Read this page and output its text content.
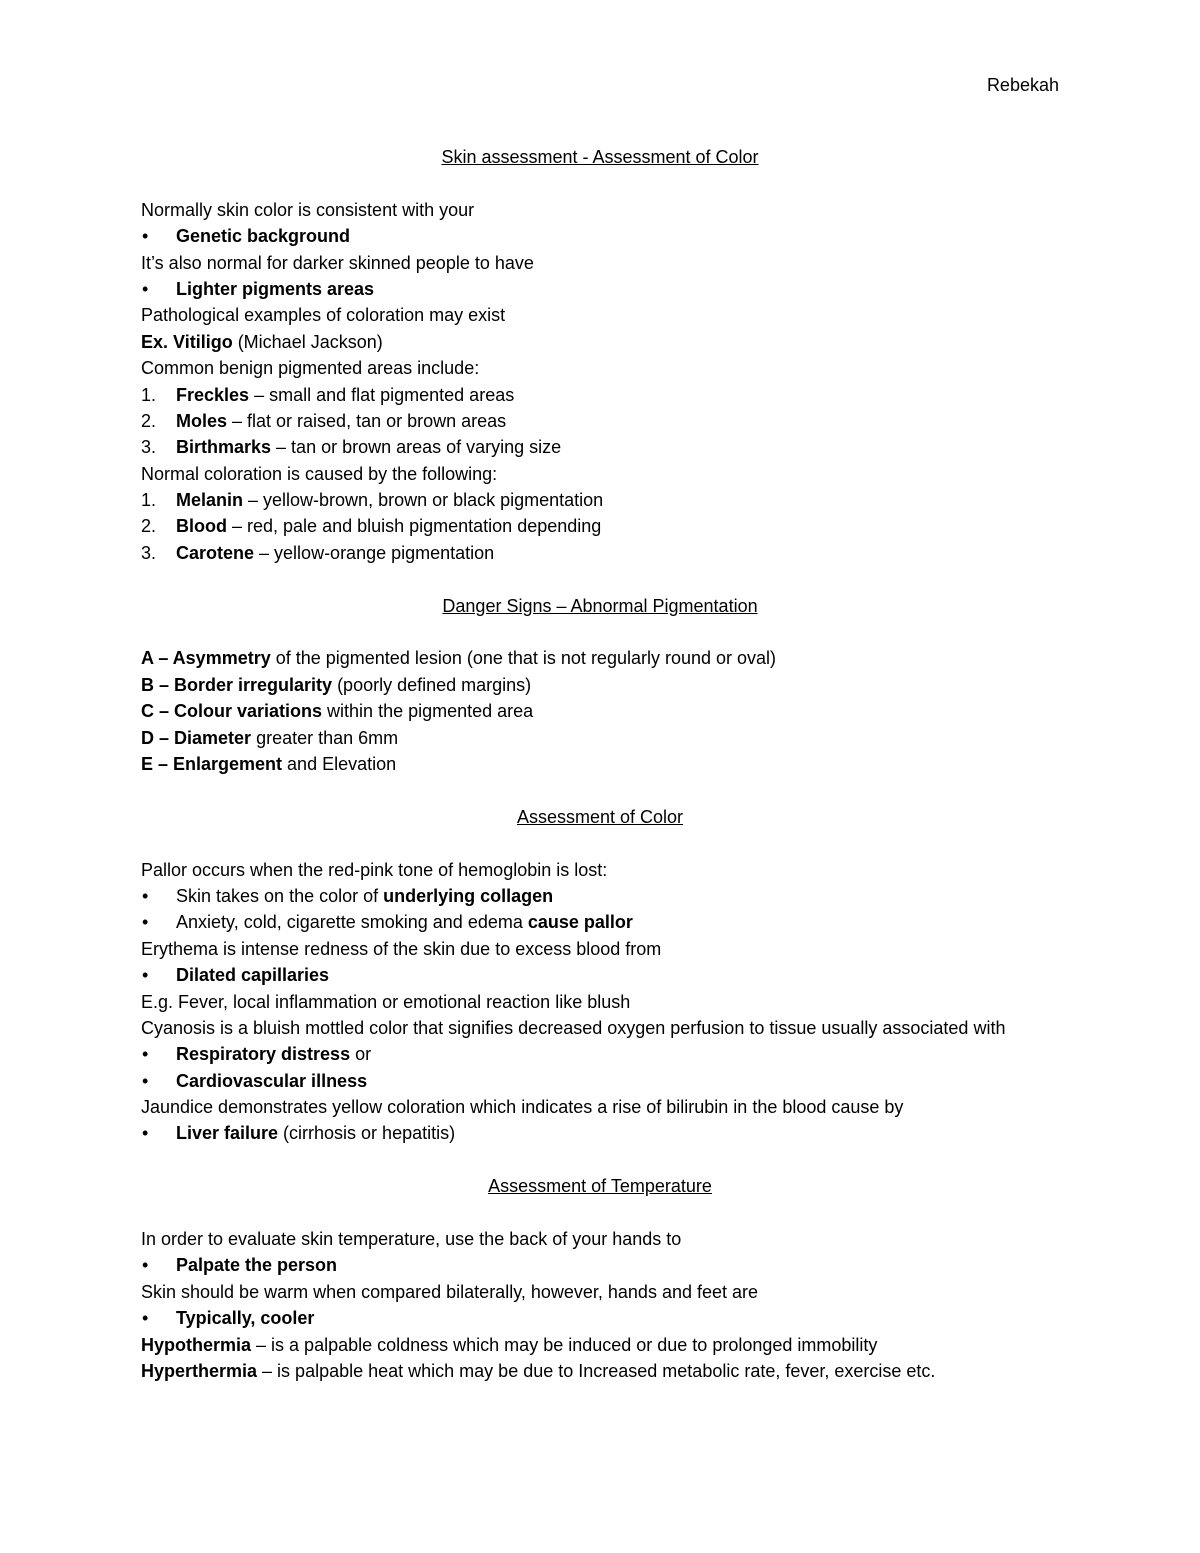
Rebekah

Skin assessment - Assessment of Color

Normally skin color is consistent with your

•	Genetic background

It’s also normal for darker skinned people to have

•	Lighter pigments areas

Pathological examples of coloration may exist

Ex. Vitiligo (Michael Jackson)

Common benign pigmented areas include:

1.	Freckles – small and flat pigmented areas

2.	Moles – flat or raised, tan or brown areas

3.	Birthmarks – tan or brown areas of varying size

Normal coloration is caused by the following:

1.	Melanin – yellow-brown, brown or black pigmentation

2.	Blood – red, pale and bluish pigmentation depending

3.	Carotene – yellow-orange pigmentation

Danger Signs – Abnormal Pigmentation

A – Asymmetry of the pigmented lesion (one that is not regularly round or oval)

B – Border irregularity (poorly defined margins)

C – Colour variations within the pigmented area

D – Diameter greater than 6mm

E – Enlargement and Elevation

Assessment of Color

Pallor occurs when the red-pink tone of hemoglobin is lost:

•	Skin takes on the color of underlying collagen

•	Anxiety, cold, cigarette smoking and edema cause pallor

Erythema is intense redness of the skin due to excess blood from

•	Dilated capillaries

E.g. Fever, local inflammation or emotional reaction like blush

Cyanosis is a bluish mottled color that signifies decreased oxygen perfusion to tissue usually associated with

•	Respiratory distress or

•	Cardiovascular illness

Jaundice demonstrates yellow coloration which indicates a rise of bilirubin in the blood cause by

•	Liver failure (cirrhosis or hepatitis)

Assessment of Temperature

In order to evaluate skin temperature, use the back of your hands to

•	Palpate the person

Skin should be warm when compared bilaterally, however, hands and feet are

•	Typically, cooler

Hypothermia – is a palpable coldness which may be induced or due to prolonged immobility

Hyperthermia – is palpable heat which may be due to Increased metabolic rate, fever, exercise etc.
